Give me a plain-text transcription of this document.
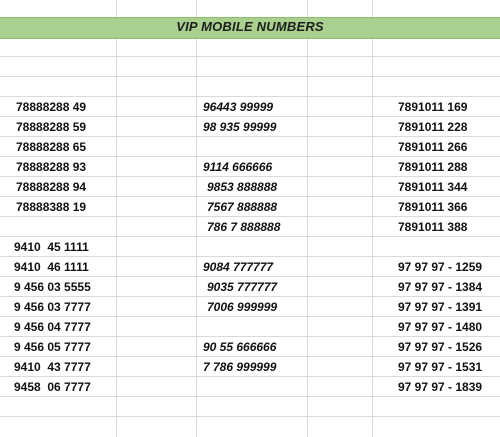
VIP MOBILE NUMBERS
78888288 49
78888288 59
78888288 65
78888288 93
78888288 94
78888388 19
9410  45 1111
9410  46 1111
9 456 03 5555
9 456 03 7777
9 456 04 7777
9 456 05 7777
9410  43 7777
9458  06 7777
96443 99999
98 935 99999
9114 666666
9853 888888
7567 888888
786 7 888888
9084 777777
9035 777777
7006 999999
90 55 666666
7 786 999999
7891011 169
7891011 228
7891011 266
7891011 288
7891011 344
7891011 366
7891011 388
97 97 97 - 1259
97 97 97 - 1384
97 97 97 - 1391
97 97 97 - 1480
97 97 97 - 1526
97 97 97 - 1531
97 97 97 - 1839
